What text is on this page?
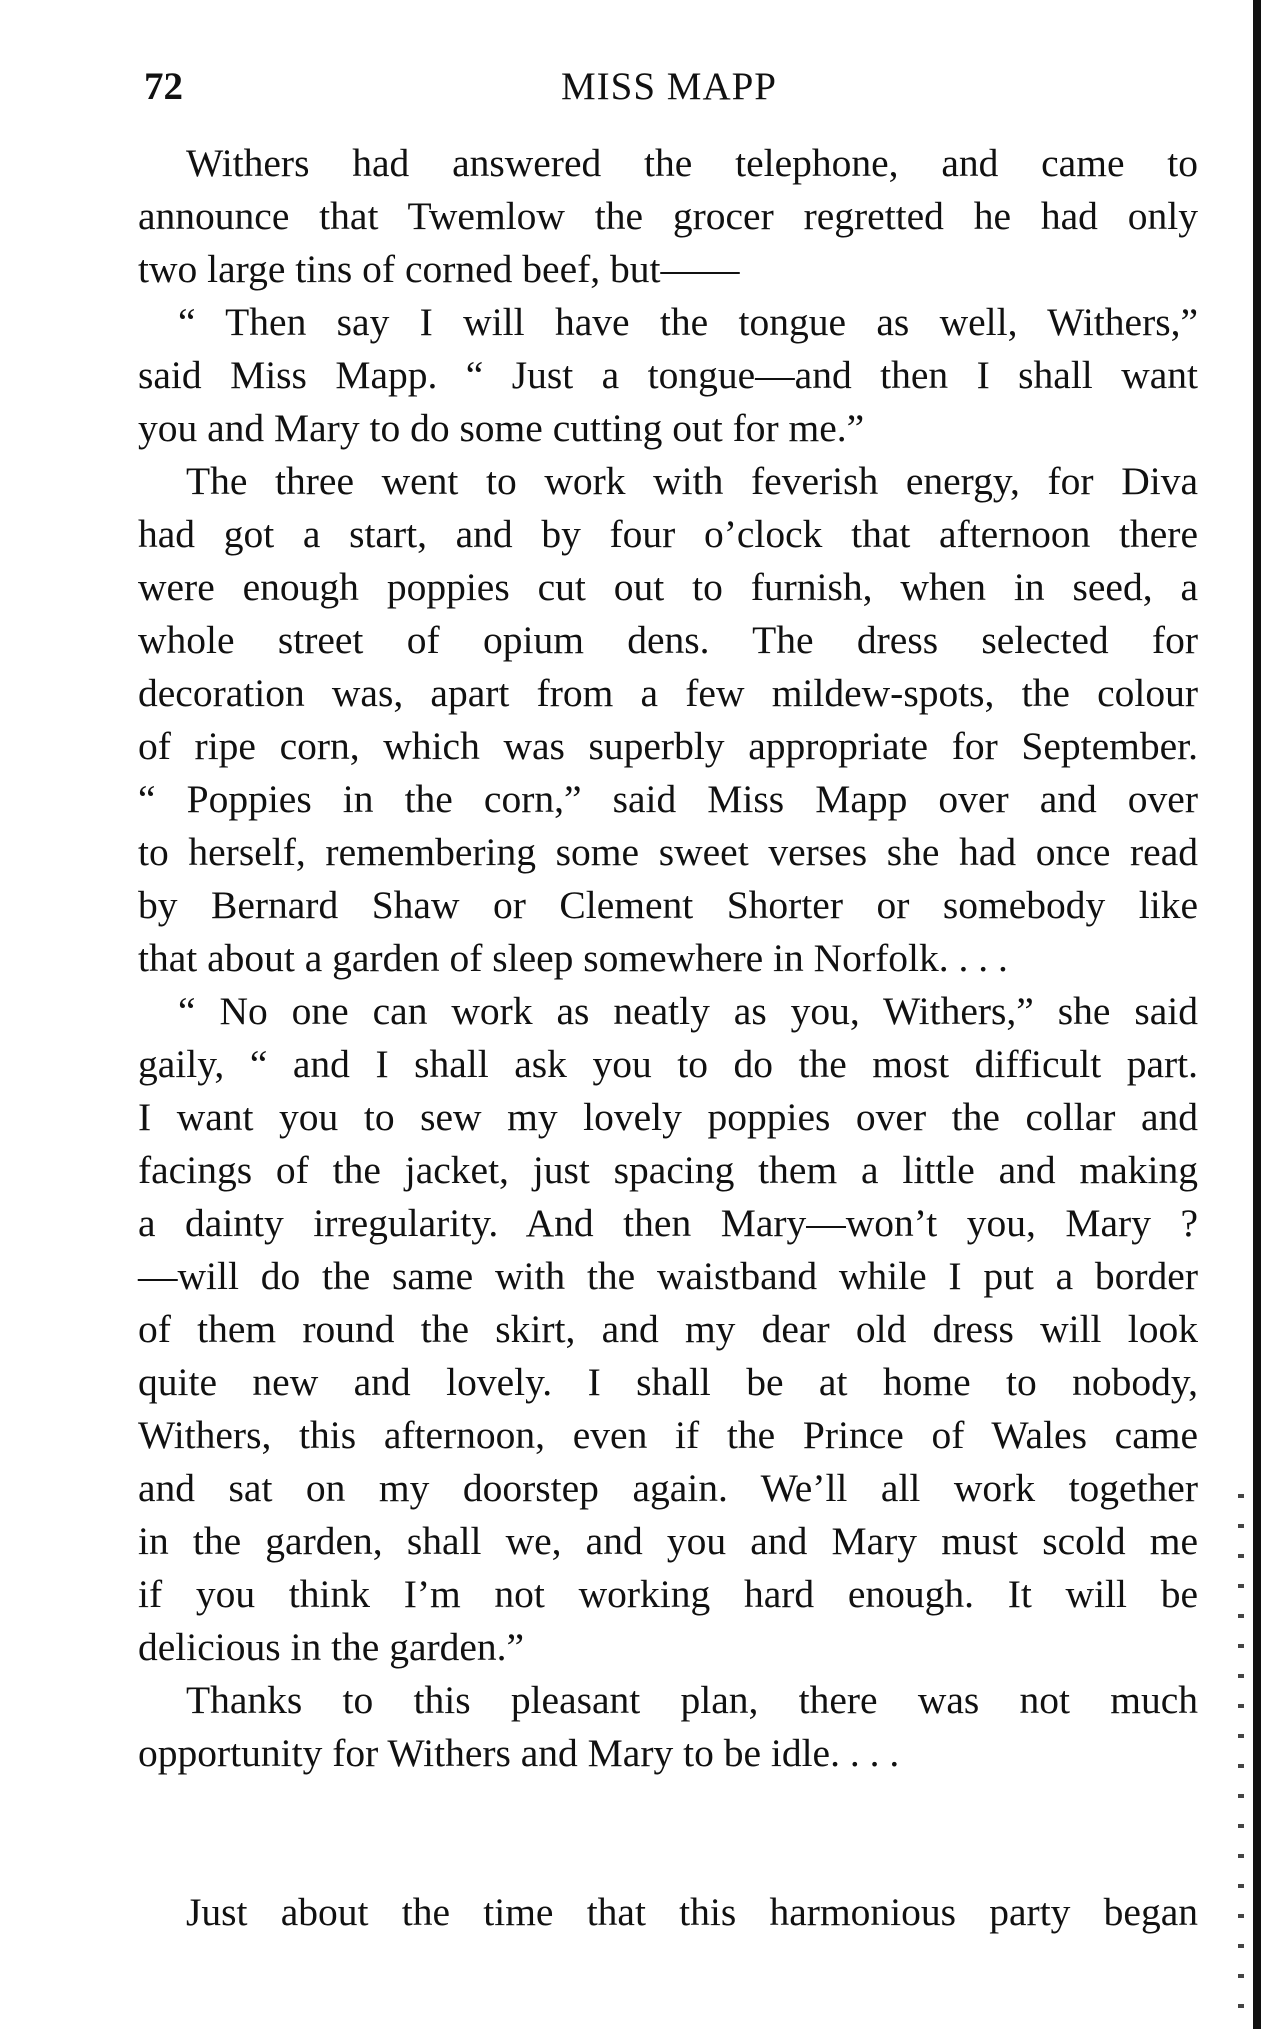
72	MISS MAPP
Withers had answered the telephone, and came to
announce that Twemlow the grocer regretted he had only
two large tins of corned beef, but——
“ Then say I will have the tongue as well, Withers,”
said Miss Mapp. “ Just a tongue—and then I shall want
you and Mary to do some cutting out for me.”
The three went to work with feverish energy, for Diva
had got a start, and by four o’clock that afternoon there
were enough poppies cut out to furnish, when in seed, a
whole street of opium dens. The dress selected for
decoration was, apart from a few mildew-spots, the colour
of ripe corn, which was superbly appropriate for September.
“ Poppies in the corn,” said Miss Mapp over and over
to herself, remembering some sweet verses she had once read
by Bernard Shaw or Clement Shorter or somebody like
that about a garden of sleep somewhere in Norfolk. . . .
“ No one can work as neatly as you, Withers,” she said
gaily, “ and I shall ask you to do the most difficult part.
I want you to sew my lovely poppies over the collar and
facings of the jacket, just spacing them a little and making
a dainty irregularity. And then Mary—won’t you, Mary ?
—will do the same with the waistband while I put a border
of them round the skirt, and my dear old dress will look
quite new and lovely. I shall be at home to nobody,
Withers, this afternoon, even if the Prince of Wales came
and sat on my doorstep again. We’ll all work together
in the garden, shall we, and you and Mary must scold me
if you think I’m not working hard enough. It will be
delicious in the garden.”
Thanks to this pleasant plan, there was not much
opportunity for Withers and Mary to be idle. . . .
Just about the time that this harmonious party began
